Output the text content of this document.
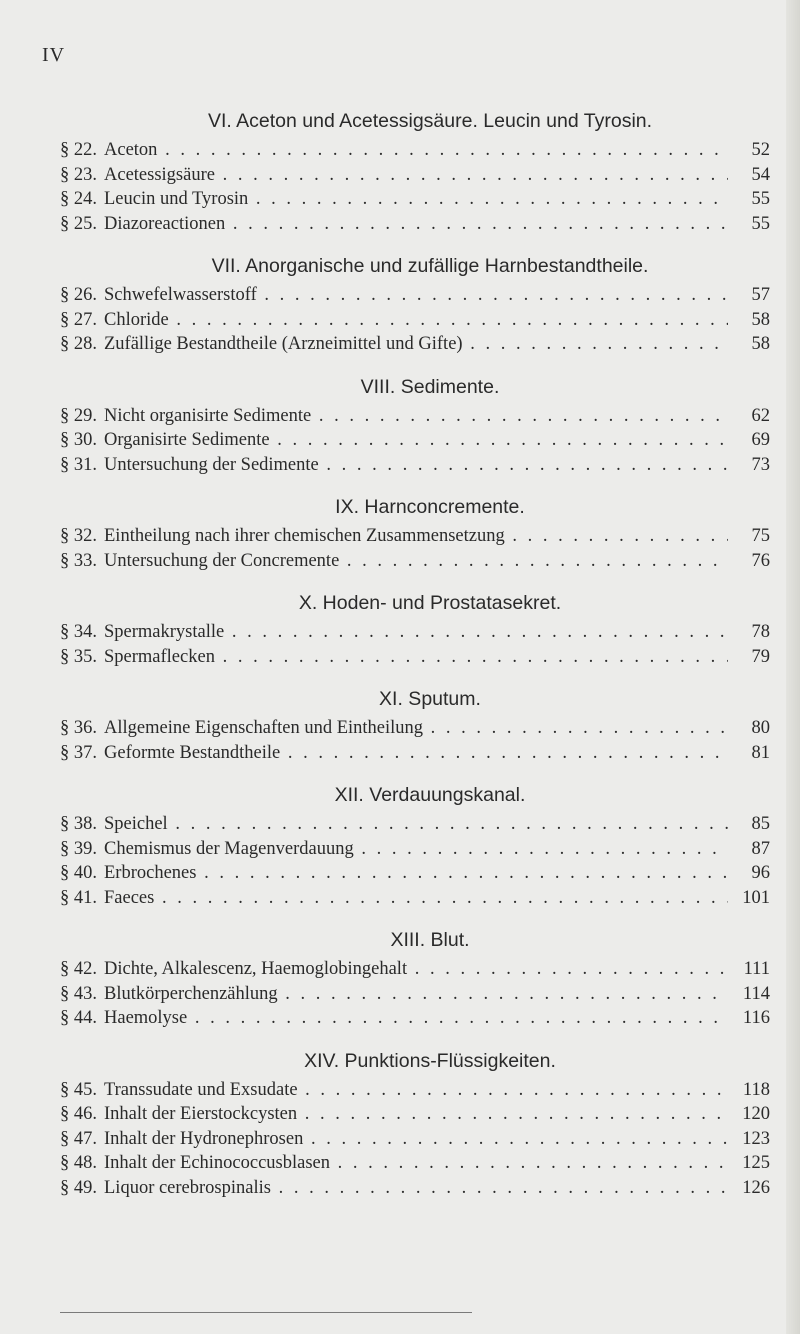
IV
VI. Aceton und Acetessigsäure. Leucin und Tyrosin.
§ 22. Aceton . . .	52
§ 23. Acetessigsäure . . .	54
§ 24. Leucin und Tyrosin . . .	55
§ 25. Diazoreactionen . . .	55
VII. Anorganische und zufällige Harnbestandtheile.
§ 26. Schwefelwasserstoff . . .	57
§ 27. Chloride . . .	58
§ 28. Zufällige Bestandtheile (Arzneimittel und Gifte) . . .	58
VIII. Sedimente.
§ 29. Nicht organisirte Sedimente . . .	62
§ 30. Organisirte Sedimente . . .	69
§ 31. Untersuchung der Sedimente . . .	73
IX. Harnconcremente.
§ 32. Eintheilung nach ihrer chemischen Zusammensetzung . . .	75
§ 33. Untersuchung der Concremente . . .	76
X. Hoden- und Prostatasekret.
§ 34. Spermakrystalle . . .	78
§ 35. Spermaflecken . . .	79
XI. Sputum.
§ 36. Allgemeine Eigenschaften und Eintheilung . . .	80
§ 37. Geformte Bestandtheile . . .	81
XII. Verdauungskanal.
§ 38. Speichel . . .	85
§ 39. Chemismus der Magenverdauung . . .	87
§ 40. Erbrochenes . . .	96
§ 41. Faeces . . .	101
XIII. Blut.
§ 42. Dichte, Alkalescenz, Haemoglobingehalt . . .	111
§ 43. Blutkörperchenzählung . . .	114
§ 44. Haemolyse . . .	116
XIV. Punktions-Flüssigkeiten.
§ 45. Transsudate und Exsudate . . .	118
§ 46. Inhalt der Eierstockcysten . . .	120
§ 47. Inhalt der Hydronephrosen . . .	123
§ 48. Inhalt der Echinococcusblasen . . .	125
§ 49. Liquor cerebrospinalis . . .	126
